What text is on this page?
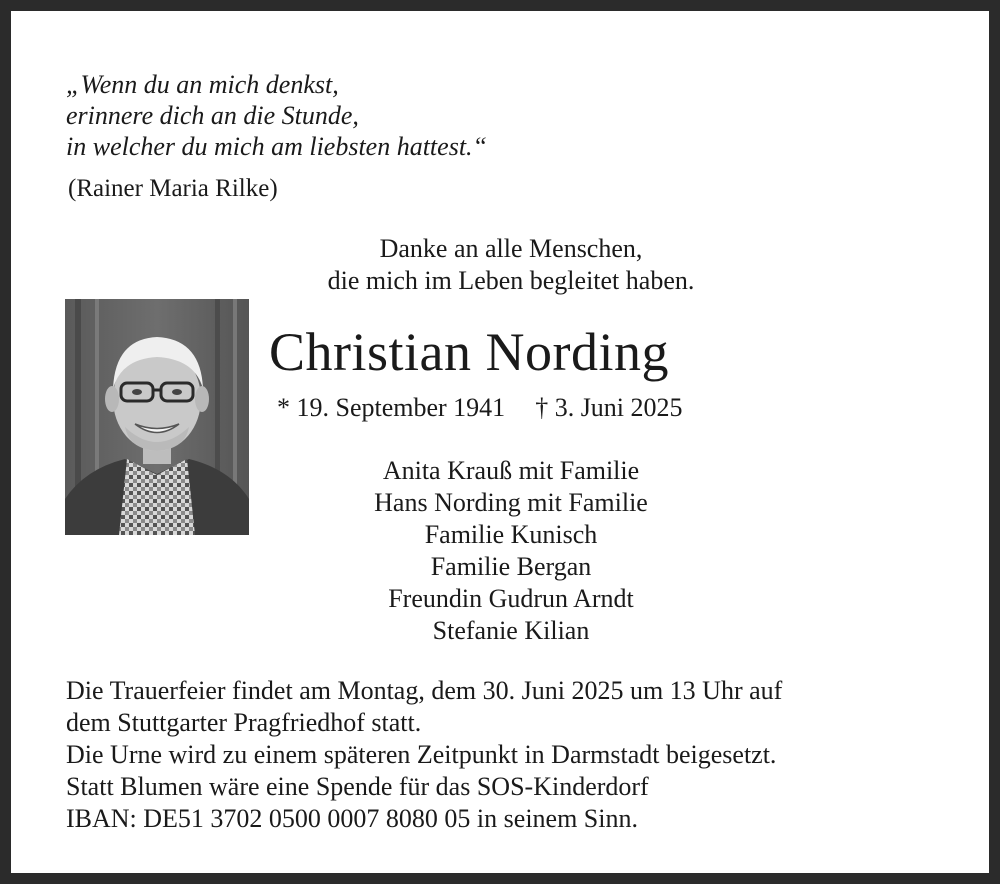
„Wenn du an mich denkst,
erinnere dich an die Stunde,
in welcher du mich am liebsten hattest.“
(Rainer Maria Rilke)
Danke an alle Menschen,
die mich im Leben begleitet haben.
Christian Nording
* 19. September 1941 † 3. Juni 2025
Anita Krauß mit Familie
Hans Nording mit Familie
Familie Kunisch
Familie Bergan
Freundin Gudrun Arndt
Stefanie Kilian
Die Trauerfeier findet am Montag, dem 30. Juni 2025 um 13 Uhr auf
dem Stuttgarter Pragfriedhof statt.
Die Urne wird zu einem späteren Zeitpunkt in Darmstadt beigesetzt.
Statt Blumen wäre eine Spende für das SOS-Kinderdorf
IBAN: DE51 3702 0500 0007 8080 05 in seinem Sinn.
